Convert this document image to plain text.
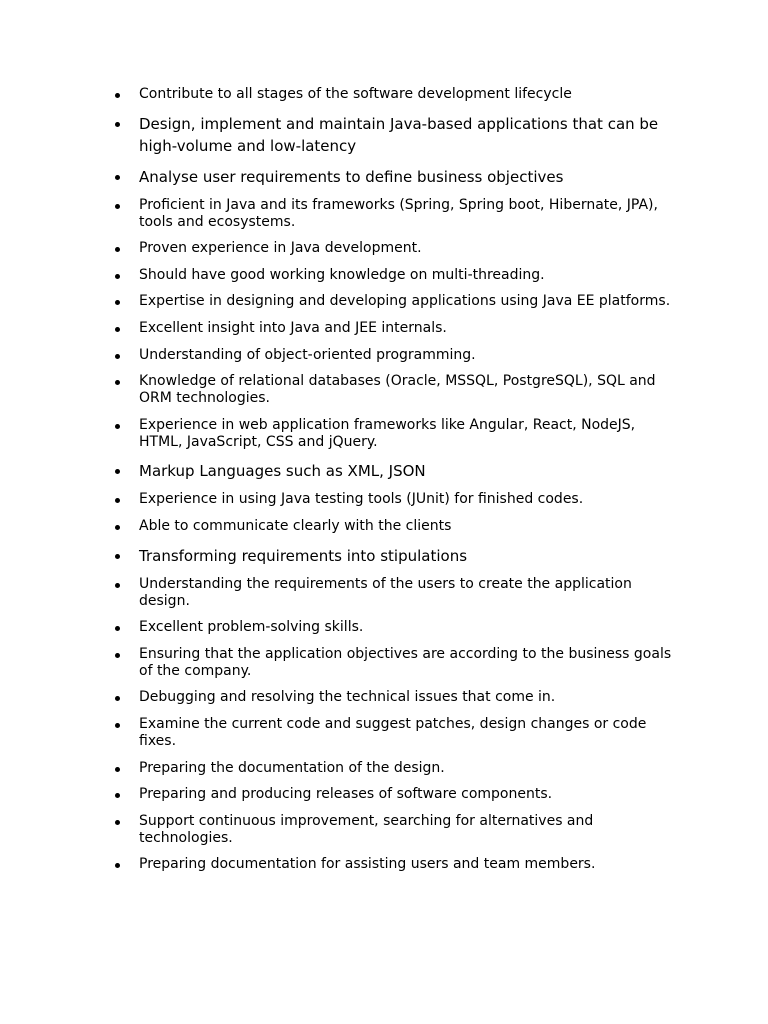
Contribute to all stages of the software development lifecycle
Design, implement and maintain Java-based applications that can be high-volume and low-latency
Analyse user requirements to define business objectives
Proficient in Java and its frameworks (Spring, Spring boot, Hibernate, JPA), tools and ecosystems.
Proven experience in Java development.
Should have good working knowledge on multi-threading.
Expertise in designing and developing applications using Java EE platforms.
Excellent insight into Java and JEE internals.
Understanding of object-oriented programming.
Knowledge of relational databases (Oracle, MSSQL, PostgreSQL), SQL and ORM technologies.
Experience in web application frameworks like Angular, React, NodeJS, HTML, JavaScript, CSS and jQuery.
Markup Languages such as XML, JSON
Experience in using Java testing tools (JUnit) for finished codes.
Able to communicate clearly with the clients
Transforming requirements into stipulations
Understanding the requirements of the users to create the application design.
Excellent problem-solving skills.
Ensuring that the application objectives are according to the business goals of the company.
Debugging and resolving the technical issues that come in.
Examine the current code and suggest patches, design changes or code fixes.
Preparing the documentation of the design.
Preparing and producing releases of software components.
Support continuous improvement, searching for alternatives and technologies.
Preparing documentation for assisting users and team members.
